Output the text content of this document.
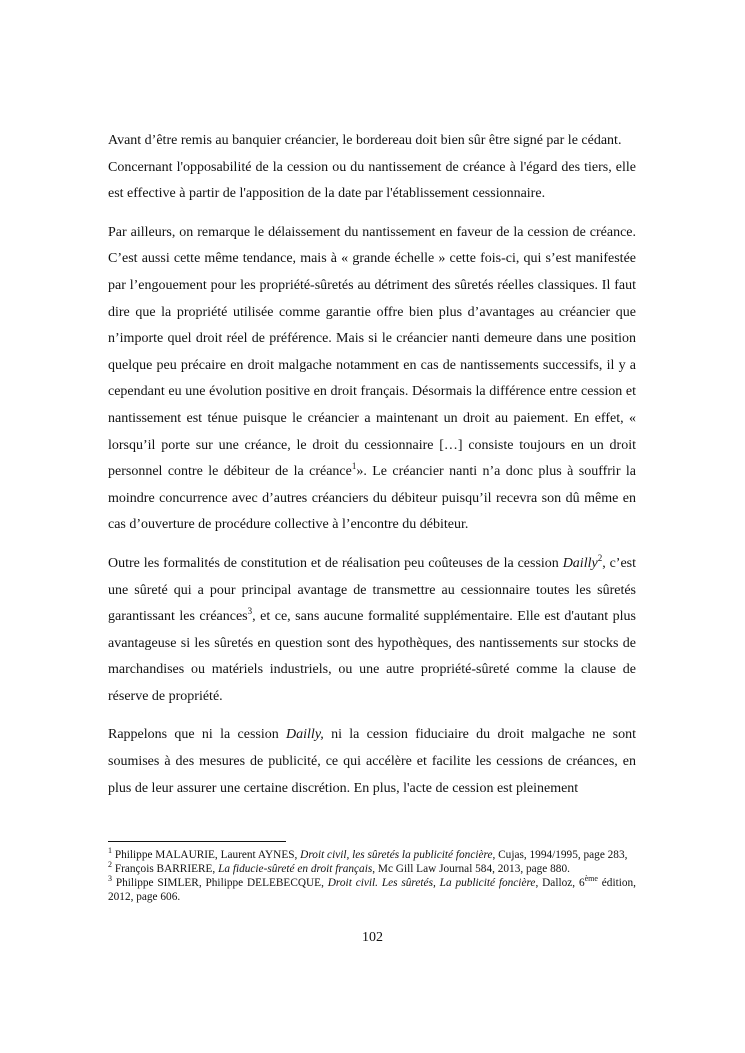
Avant d’être remis au banquier créancier, le bordereau doit bien sûr être signé par le cédant.
Concernant l'opposabilité de la cession ou du nantissement de créance à l'égard des tiers, elle est effective à partir de l'apposition de la date par l'établissement cessionnaire.

Par ailleurs, on remarque le délaissement du nantissement en faveur de la cession de créance. C’est aussi cette même tendance, mais à « grande échelle » cette fois-ci, qui s’est manifestée par l’engouement pour les propriété-sûretés au détriment des sûretés réelles classiques. Il faut dire que la propriété utilisée comme garantie offre bien plus d’avantages au créancier que n’importe quel droit réel de préférence. Mais si le créancier nanti demeure dans une position quelque peu précaire en droit malgache notamment en cas de nantissements successifs, il y a cependant eu une évolution positive en droit français. Désormais la différence entre cession et nantissement est ténue puisque le créancier a maintenant un droit au paiement. En effet, « lorsqu’il porte sur une créance, le droit du cessionnaire […] consiste toujours en un droit personnel contre le débiteur de la créance$^1$». Le créancier nanti n’a donc plus à souffrir la moindre concurrence avec d’autres créanciers du débiteur puisqu’il recevra son dû même en cas d’ouverture de procédure collective à l’encontre du débiteur.

Outre les formalités de constitution et de réalisation peu coûteuses de la cession Dailly$^2$, c’est une sûreté qui a pour principal avantage de transmettre au cessionnaire toutes les sûretés garantissant les créances$^3$, et ce, sans aucune formalité supplémentaire. Elle est d'autant plus avantageuse si les sûretés en question sont des hypothèques, des nantissements sur stocks de marchandises ou matériels industriels, ou une autre propriété-sûreté comme la clause de réserve de propriété.

Rappelons que ni la cession Dailly, ni la cession fiduciaire du droit malgache ne sont soumises à des mesures de publicité, ce qui accélère et facilite les cessions de créances, en plus de leur assurer une certaine discrétion. En plus, l'acte de cession est pleinement

$^1$ Philippe MALAURIE, Laurent AYNES, Droit civil, les sûretés la publicité foncière, Cujas, 1994/1995, page 283,

$^2$ François BARRIERE, La fiducie-sûreté en droit français, Mc Gill Law Journal 584, 2013, page 880.

$^3$ Philippe SIMLER, Philippe DELEBECQUE, Droit civil. Les sûretés, La publicité foncière, Dalloz, 6ème édition, 2012, page 606.

102
